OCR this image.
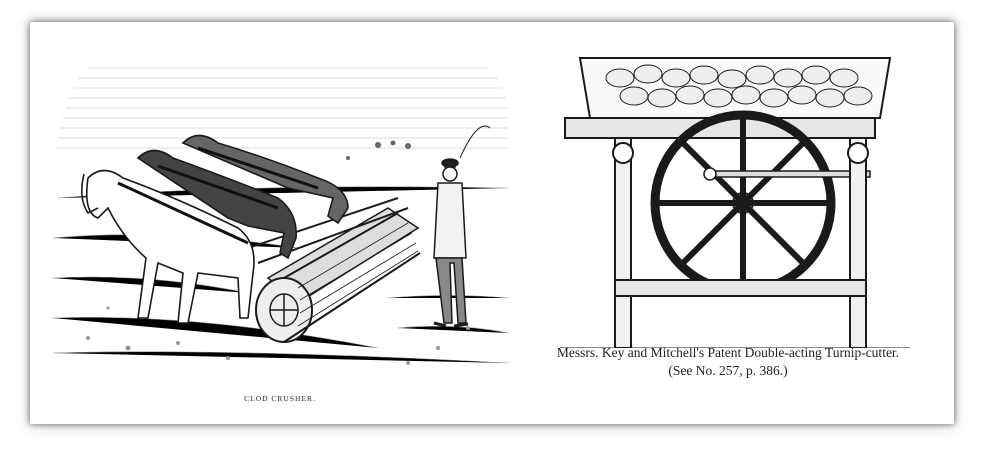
CLOD CRUSHER.
Messrs. Key and Mitchell's Patent Double-acting Turnip-cutter.
(See No. 257, p. 386.)
